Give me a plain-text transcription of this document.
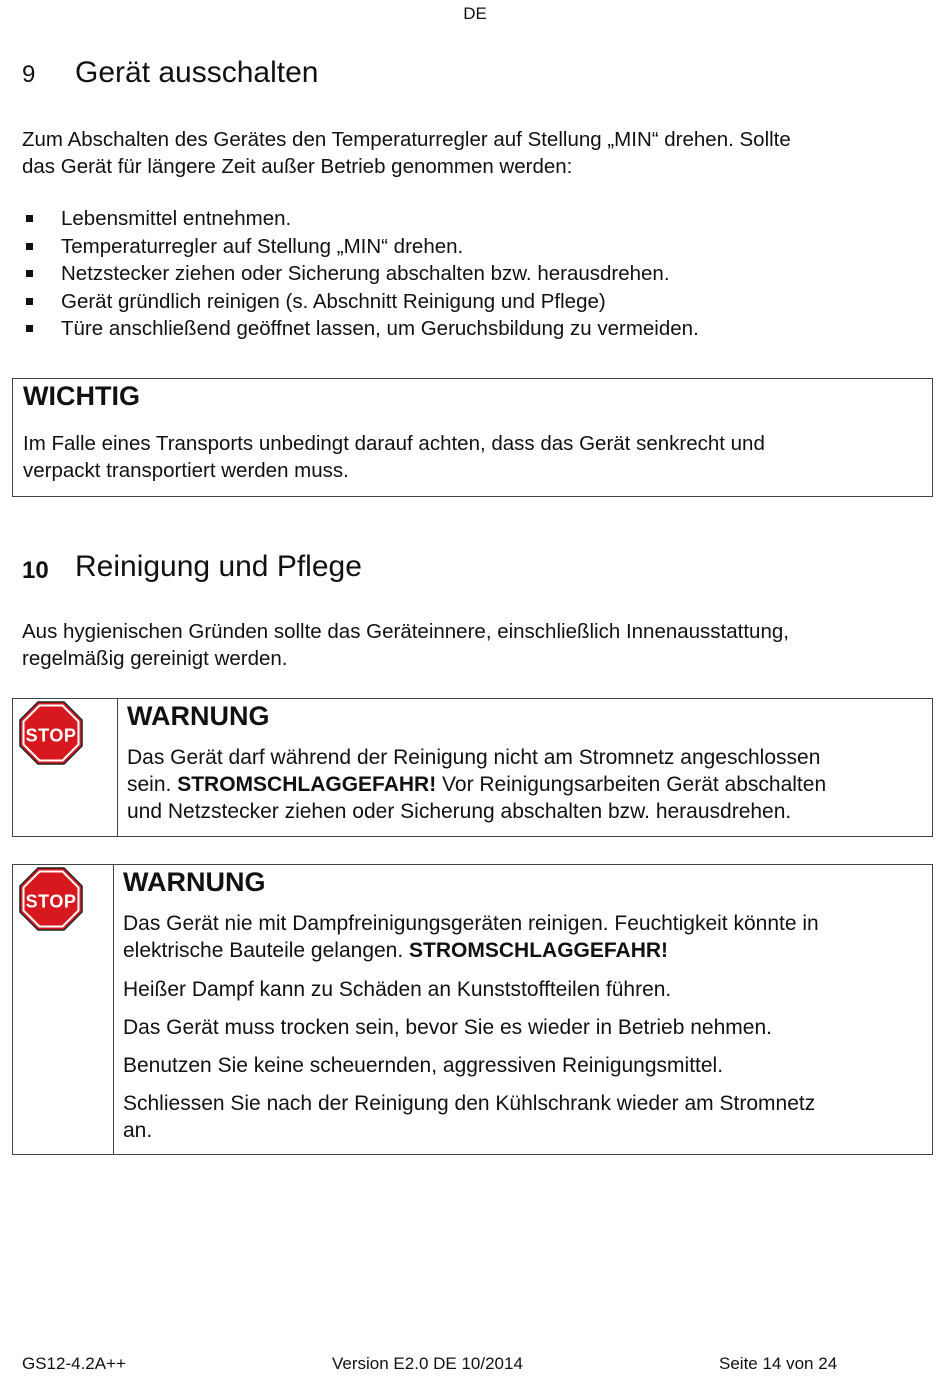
DE
9 Gerät ausschalten
Zum Abschalten des Gerätes den Temperaturregler auf Stellung „MIN“ drehen. Sollte
das Gerät für längere Zeit außer Betrieb genommen werden:
Lebensmittel entnehmen.
Temperaturregler auf Stellung „MIN“ drehen.
Netzstecker ziehen oder Sicherung abschalten bzw. herausdrehen.
Gerät gründlich reinigen (s. Abschnitt Reinigung und Pflege)
Türe anschließend geöffnet lassen, um Geruchsbildung zu vermeiden.
WICHTIG
Im Falle eines Transports unbedingt darauf achten, dass das Gerät senkrecht und
verpackt transportiert werden muss.
10 Reinigung und Pflege
Aus hygienischen Gründen sollte das Geräteinnere, einschließlich Innenausstattung,
regelmäßig gereinigt werden.
STOP
WARNUNG
Das Gerät darf während der Reinigung nicht am Stromnetz angeschlossen
sein. STROMSCHLAGGEFAHR! Vor Reinigungsarbeiten Gerät abschalten
und Netzstecker ziehen oder Sicherung abschalten bzw. herausdrehen.
STOP
WARNUNG
Das Gerät nie mit Dampfreinigungsgeräten reinigen. Feuchtigkeit könnte in
elektrische Bauteile gelangen. STROMSCHLAGGEFAHR!
Heißer Dampf kann zu Schäden an Kunststoffteilen führen.
Das Gerät muss trocken sein, bevor Sie es wieder in Betrieb nehmen.
Benutzen Sie keine scheuernden, aggressiven Reinigungsmittel.
Schliessen Sie nach der Reinigung den Kühlschrank wieder am Stromnetz
an.
GS12-4.2A++	Version E2.0 DE 10/2014	Seite 14 von 24
